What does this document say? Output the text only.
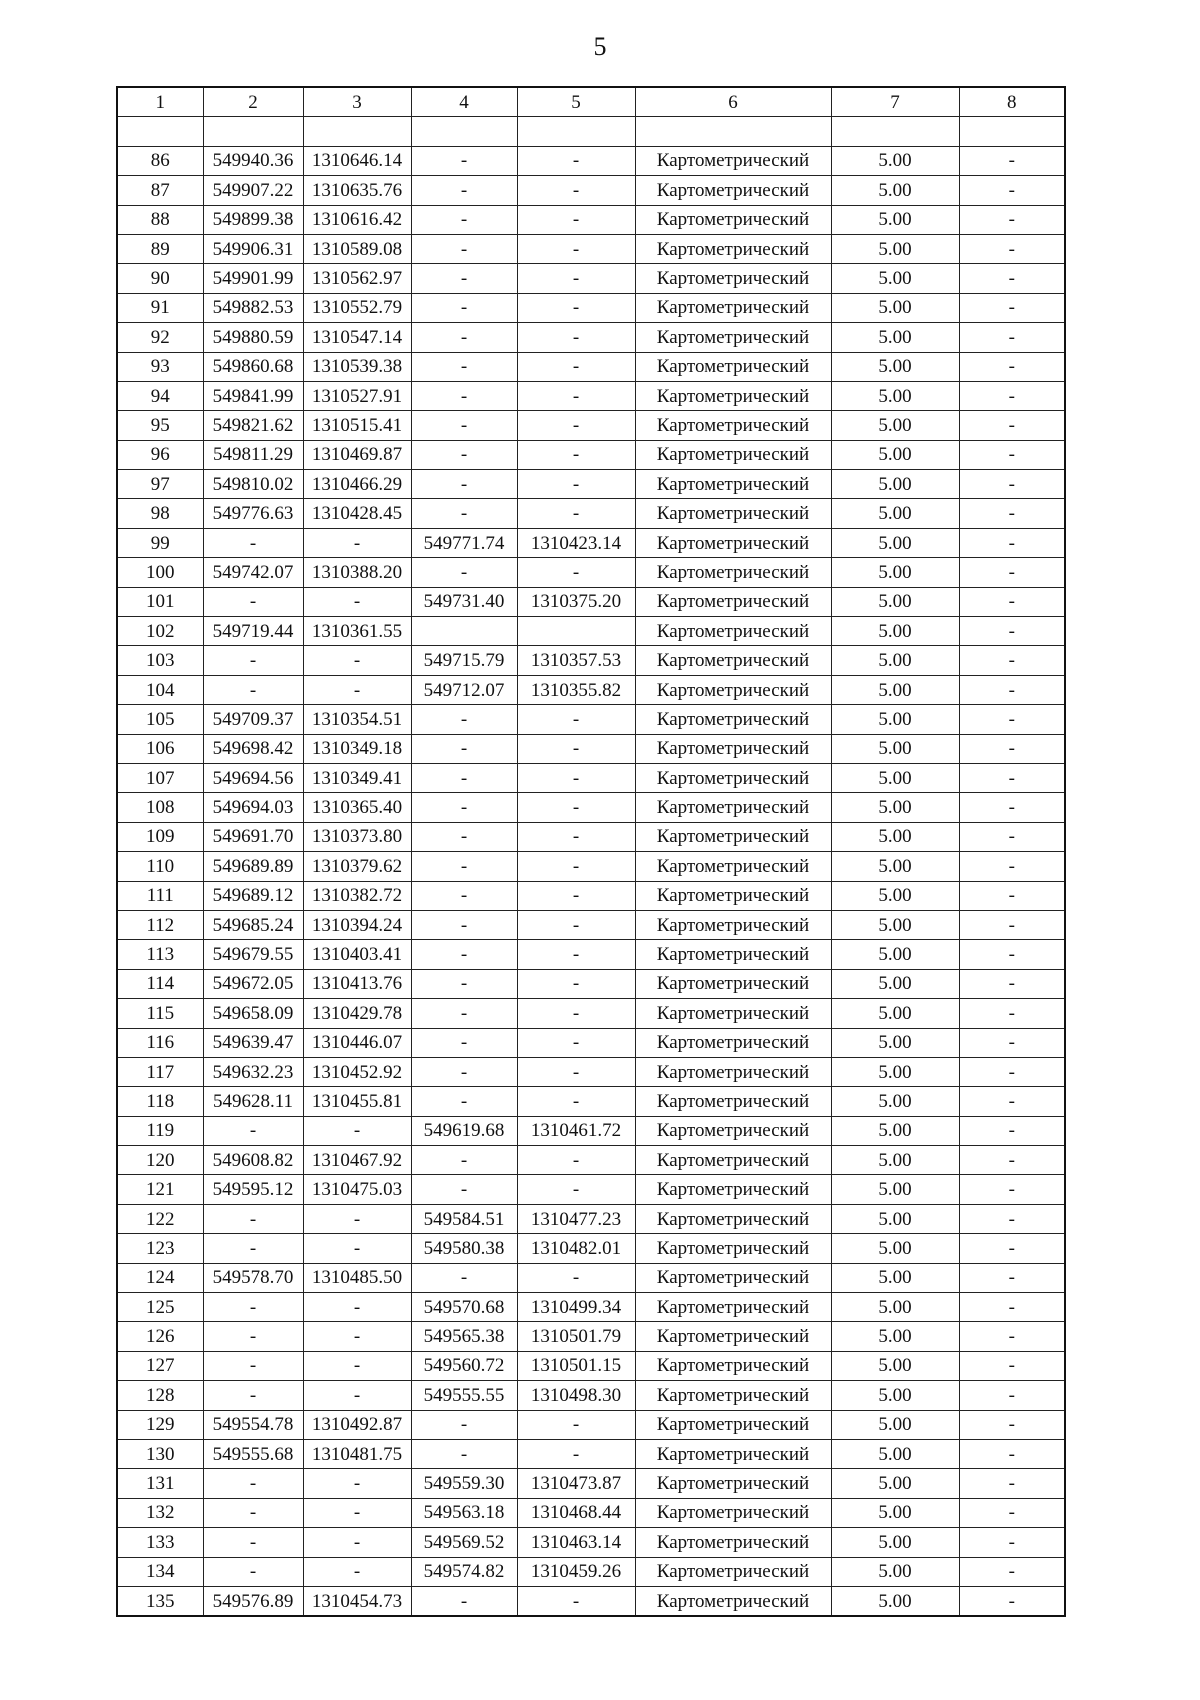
5
1	2	3	4	5	6	7	8

86	549940.36	1310646.14	-	-	Картометрический	5.00	-
87	549907.22	1310635.76	-	-	Картометрический	5.00	-
88	549899.38	1310616.42	-	-	Картометрический	5.00	-
89	549906.31	1310589.08	-	-	Картометрический	5.00	-
90	549901.99	1310562.97	-	-	Картометрический	5.00	-
91	549882.53	1310552.79	-	-	Картометрический	5.00	-
92	549880.59	1310547.14	-	-	Картометрический	5.00	-
93	549860.68	1310539.38	-	-	Картометрический	5.00	-
94	549841.99	1310527.91	-	-	Картометрический	5.00	-
95	549821.62	1310515.41	-	-	Картометрический	5.00	-
96	549811.29	1310469.87	-	-	Картометрический	5.00	-
97	549810.02	1310466.29	-	-	Картометрический	5.00	-
98	549776.63	1310428.45	-	-	Картометрический	5.00	-
99	-	-	549771.74	1310423.14	Картометрический	5.00	-
100	549742.07	1310388.20	-	-	Картометрический	5.00	-
101	-	-	549731.40	1310375.20	Картометрический	5.00	-
102	549719.44	1310361.55			Картометрический	5.00	-
103	-	-	549715.79	1310357.53	Картометрический	5.00	-
104	-	-	549712.07	1310355.82	Картометрический	5.00	-
105	549709.37	1310354.51	-	-	Картометрический	5.00	-
106	549698.42	1310349.18	-	-	Картометрический	5.00	-
107	549694.56	1310349.41	-	-	Картометрический	5.00	-
108	549694.03	1310365.40	-	-	Картометрический	5.00	-
109	549691.70	1310373.80	-	-	Картометрический	5.00	-
110	549689.89	1310379.62	-	-	Картометрический	5.00	-
111	549689.12	1310382.72	-	-	Картометрический	5.00	-
112	549685.24	1310394.24	-	-	Картометрический	5.00	-
113	549679.55	1310403.41	-	-	Картометрический	5.00	-
114	549672.05	1310413.76	-	-	Картометрический	5.00	-
115	549658.09	1310429.78	-	-	Картометрический	5.00	-
116	549639.47	1310446.07	-	-	Картометрический	5.00	-
117	549632.23	1310452.92	-	-	Картометрический	5.00	-
118	549628.11	1310455.81	-	-	Картометрический	5.00	-
119	-	-	549619.68	1310461.72	Картометрический	5.00	-
120	549608.82	1310467.92	-	-	Картометрический	5.00	-
121	549595.12	1310475.03	-	-	Картометрический	5.00	-
122	-	-	549584.51	1310477.23	Картометрический	5.00	-
123	-	-	549580.38	1310482.01	Картометрический	5.00	-
124	549578.70	1310485.50	-	-	Картометрический	5.00	-
125	-	-	549570.68	1310499.34	Картометрический	5.00	-
126	-	-	549565.38	1310501.79	Картометрический	5.00	-
127	-	-	549560.72	1310501.15	Картометрический	5.00	-
128	-	-	549555.55	1310498.30	Картометрический	5.00	-
129	549554.78	1310492.87	-	-	Картометрический	5.00	-
130	549555.68	1310481.75	-	-	Картометрический	5.00	-
131	-	-	549559.30	1310473.87	Картометрический	5.00	-
132	-	-	549563.18	1310468.44	Картометрический	5.00	-
133	-	-	549569.52	1310463.14	Картометрический	5.00	-
134	-	-	549574.82	1310459.26	Картометрический	5.00	-
135	549576.89	1310454.73	-	-	Картометрический	5.00	-
